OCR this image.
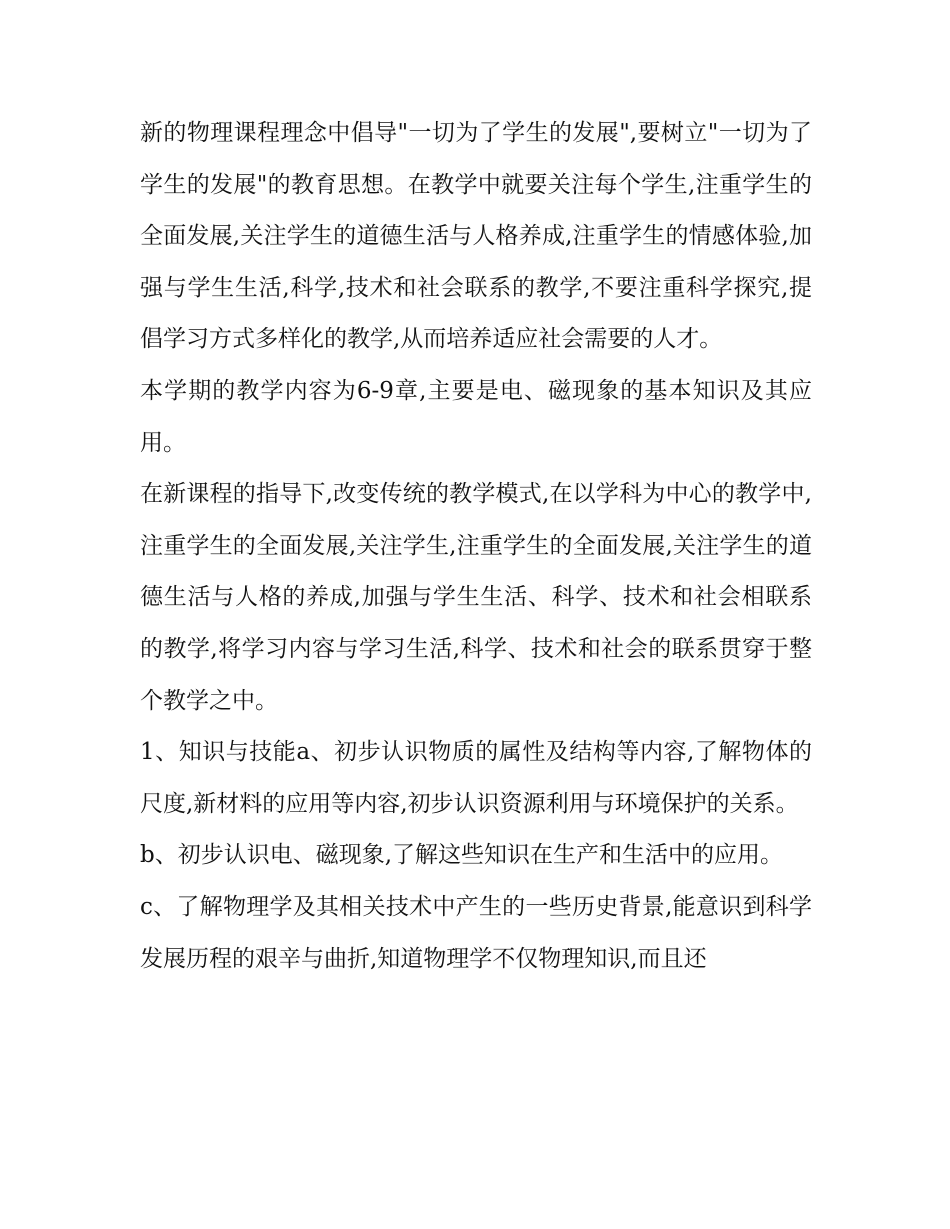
新的物理课程理念中倡导"一切为了学生的发展",要树立"一切为了学生的发展"的教育思想。在教学中就要关注每个学生,注重学生的全面发展,关注学生的道德生活与人格养成,注重学生的情感体验,加强与学生生活,科学,技术和社会联系的教学,不要注重科学探究,提倡学习方式多样化的教学,从而培养适应社会需要的人才。

本学期的教学内容为6-9章,主要是电、磁现象的基本知识及其应用。

在新课程的指导下,改变传统的教学模式,在以学科为中心的教学中,注重学生的全面发展,关注学生,注重学生的全面发展,关注学生的道德生活与人格的养成,加强与学生生活、科学、技术和社会相联系的教学,将学习内容与学习生活,科学、技术和社会的联系贯穿于整个教学之中。

1、知识与技能a、初步认识物质的属性及结构等内容,了解物体的尺度,新材料的应用等内容,初步认识资源利用与环境保护的关系。

b、初步认识电、磁现象,了解这些知识在生产和生活中的应用。

c、了解物理学及其相关技术中产生的一些历史背景,能意识到科学发展历程的艰辛与曲折,知道物理学不仅物理知识,而且还
